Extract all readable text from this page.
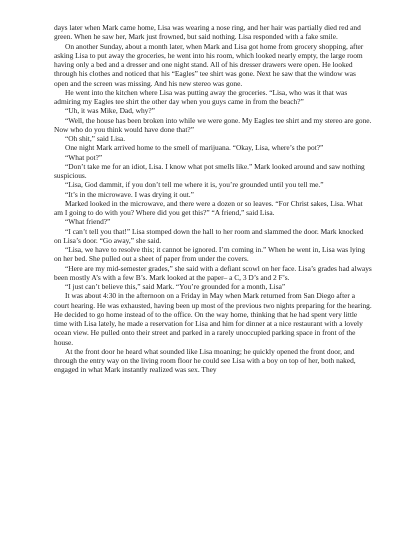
days later when Mark came home, Lisa was wearing a nose ring, and her hair was partially died red and green. When he saw her, Mark just frowned, but said nothing. Lisa responded with a fake smile.

On another Sunday, about a month later, when Mark and Lisa got home from grocery shopping, after asking Lisa to put away the groceries, he went into his room, which looked nearly empty, the large room having only a bed and a dresser and one night stand. All of his dresser drawers were open. He looked through his clothes and noticed that his “Eagles” tee shirt was gone. Next he saw that the window was open and the screen was missing. And his new stereo was gone.

He went into the kitchen where Lisa was putting away the groceries. “Lisa, who was it that was admiring my Eagles tee shirt the other day when you guys came in from the beach?”

“Uh, it was Mike, Dad, why?”

“Well, the house has been broken into while we were gone. My Eagles tee shirt and my stereo are gone. Now who do you think would have done that?”

“Oh shit,” said Lisa.

One night Mark arrived home to the smell of marijuana. “Okay, Lisa, where’s the pot?”

“What pot?”

“Don’t take me for an idiot, Lisa. I know what pot smells like.” Mark looked around and saw nothing suspicious.

“Lisa, God dammit, if you don’t tell me where it is, you’re grounded until you tell me.”

“It’s in the microwave. I was drying it out.”

Marked looked in the microwave, and there were a dozen or so leaves. “For Christ sakes, Lisa. What am I going to do with you? Where did you get this?” “A friend,” said Lisa.

“What friend?”

“I can’t tell you that!” Lisa stomped down the hall to her room and slammed the door. Mark knocked on Lisa’s door. “Go away,” she said.

“Lisa, we have to resolve this; it cannot be ignored. I’m coming in.” When he went in, Lisa was lying on her bed. She pulled out a sheet of paper from under the covers.

“Here are my mid-semester grades,” she said with a defiant scowl on her face. Lisa’s grades had always been mostly A’s with a few B’s. Mark looked at the paper– a C, 3 D’s and 2 F’s.

“I just can’t believe this,” said Mark. “You’re grounded for a month, Lisa”

It was about 4:30 in the afternoon on a Friday in May when Mark returned from San Diego after a court hearing. He was exhausted, having been up most of the previous two nights preparing for the hearing. He decided to go home instead of to the office. On the way home, thinking that he had spent very little time with Lisa lately, he made a reservation for Lisa and him for dinner at a nice restaurant with a lovely ocean view. He pulled onto their street and parked in a rarely unoccupied parking space in front of the house.

At the front door he heard what sounded like Lisa moaning; he quickly opened the front door, and through the entry way on the living room floor he could see Lisa with a boy on top of her, both naked, engaged in what Mark instantly realized was sex. They
